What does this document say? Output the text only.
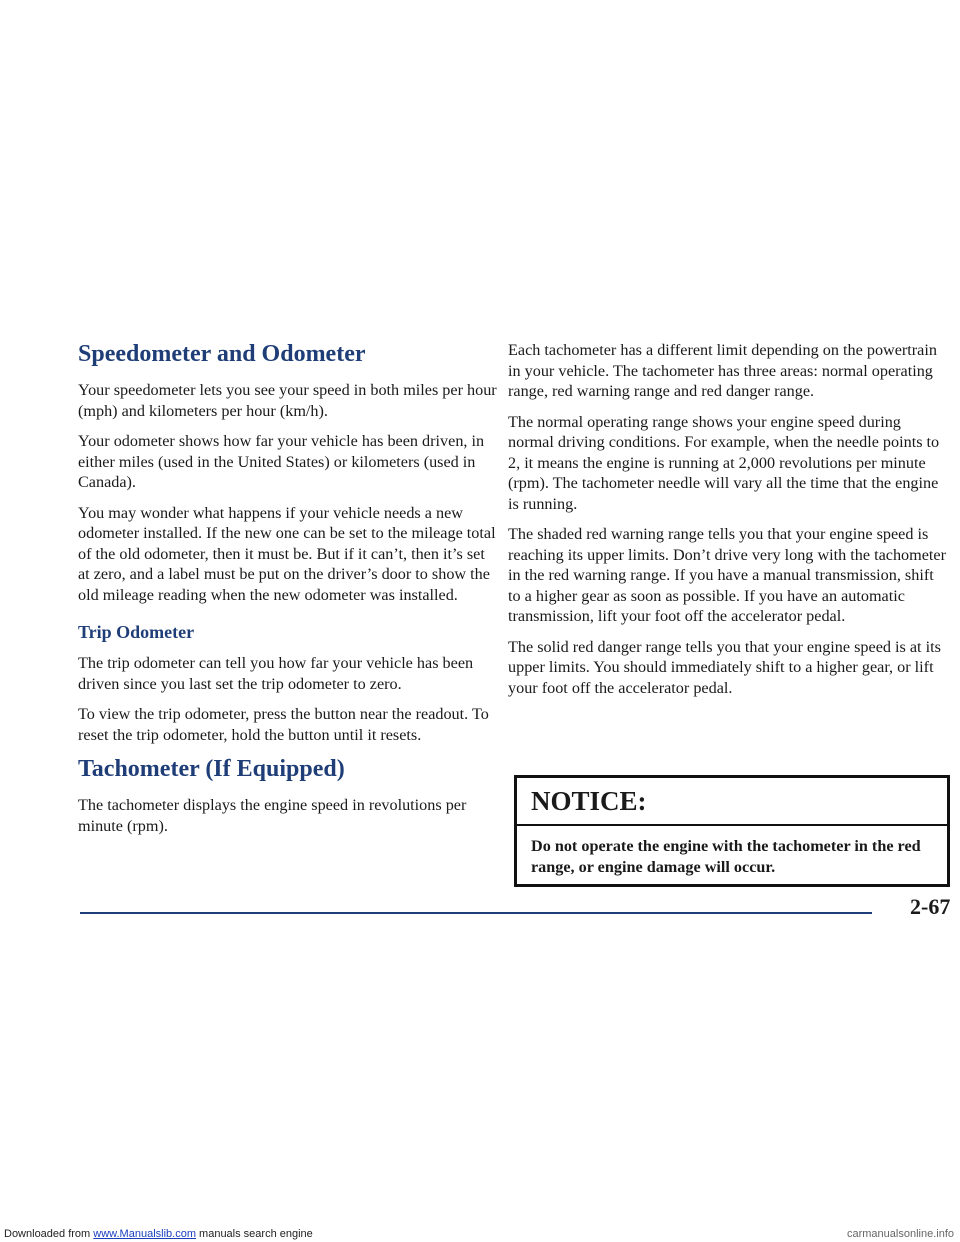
Speedometer and Odometer

Your speedometer lets you see your speed in both miles per hour (mph) and kilometers per hour (km/h).

Your odometer shows how far your vehicle has been driven, in either miles (used in the United States) or kilometers (used in Canada).

You may wonder what happens if your vehicle needs a new odometer installed. If the new one can be set to the mileage total of the old odometer, then it must be. But if it can’t, then it’s set at zero, and a label must be put on the driver’s door to show the old mileage reading when the new odometer was installed.

Trip Odometer

The trip odometer can tell you how far your vehicle has been driven since you last set the trip odometer to zero.

To view the trip odometer, press the button near the readout. To reset the trip odometer, hold the button until it resets.

Tachometer (If Equipped)

The tachometer displays the engine speed in revolutions per minute (rpm).

Each tachometer has a different limit depending on the powertrain in your vehicle. The tachometer has three areas: normal operating range, red warning range and red danger range.

The normal operating range shows your engine speed during normal driving conditions. For example, when the needle points to 2, it means the engine is running at 2,000 revolutions per minute (rpm). The tachometer needle will vary all the time that the engine is running.

The shaded red warning range tells you that your engine speed is reaching its upper limits. Don’t drive very long with the tachometer in the red warning range. If you have a manual transmission, shift to a higher gear as soon as possible. If you have an automatic transmission, lift your foot off the accelerator pedal.

The solid red danger range tells you that your engine speed is at its upper limits. You should immediately shift to a higher gear, or lift your foot off the accelerator pedal.

NOTICE:
Do not operate the engine with the tachometer in the red range, or engine damage will occur.
2-67
Downloaded from www.Manualslib.com manuals search engine	carmanualsonline.info
